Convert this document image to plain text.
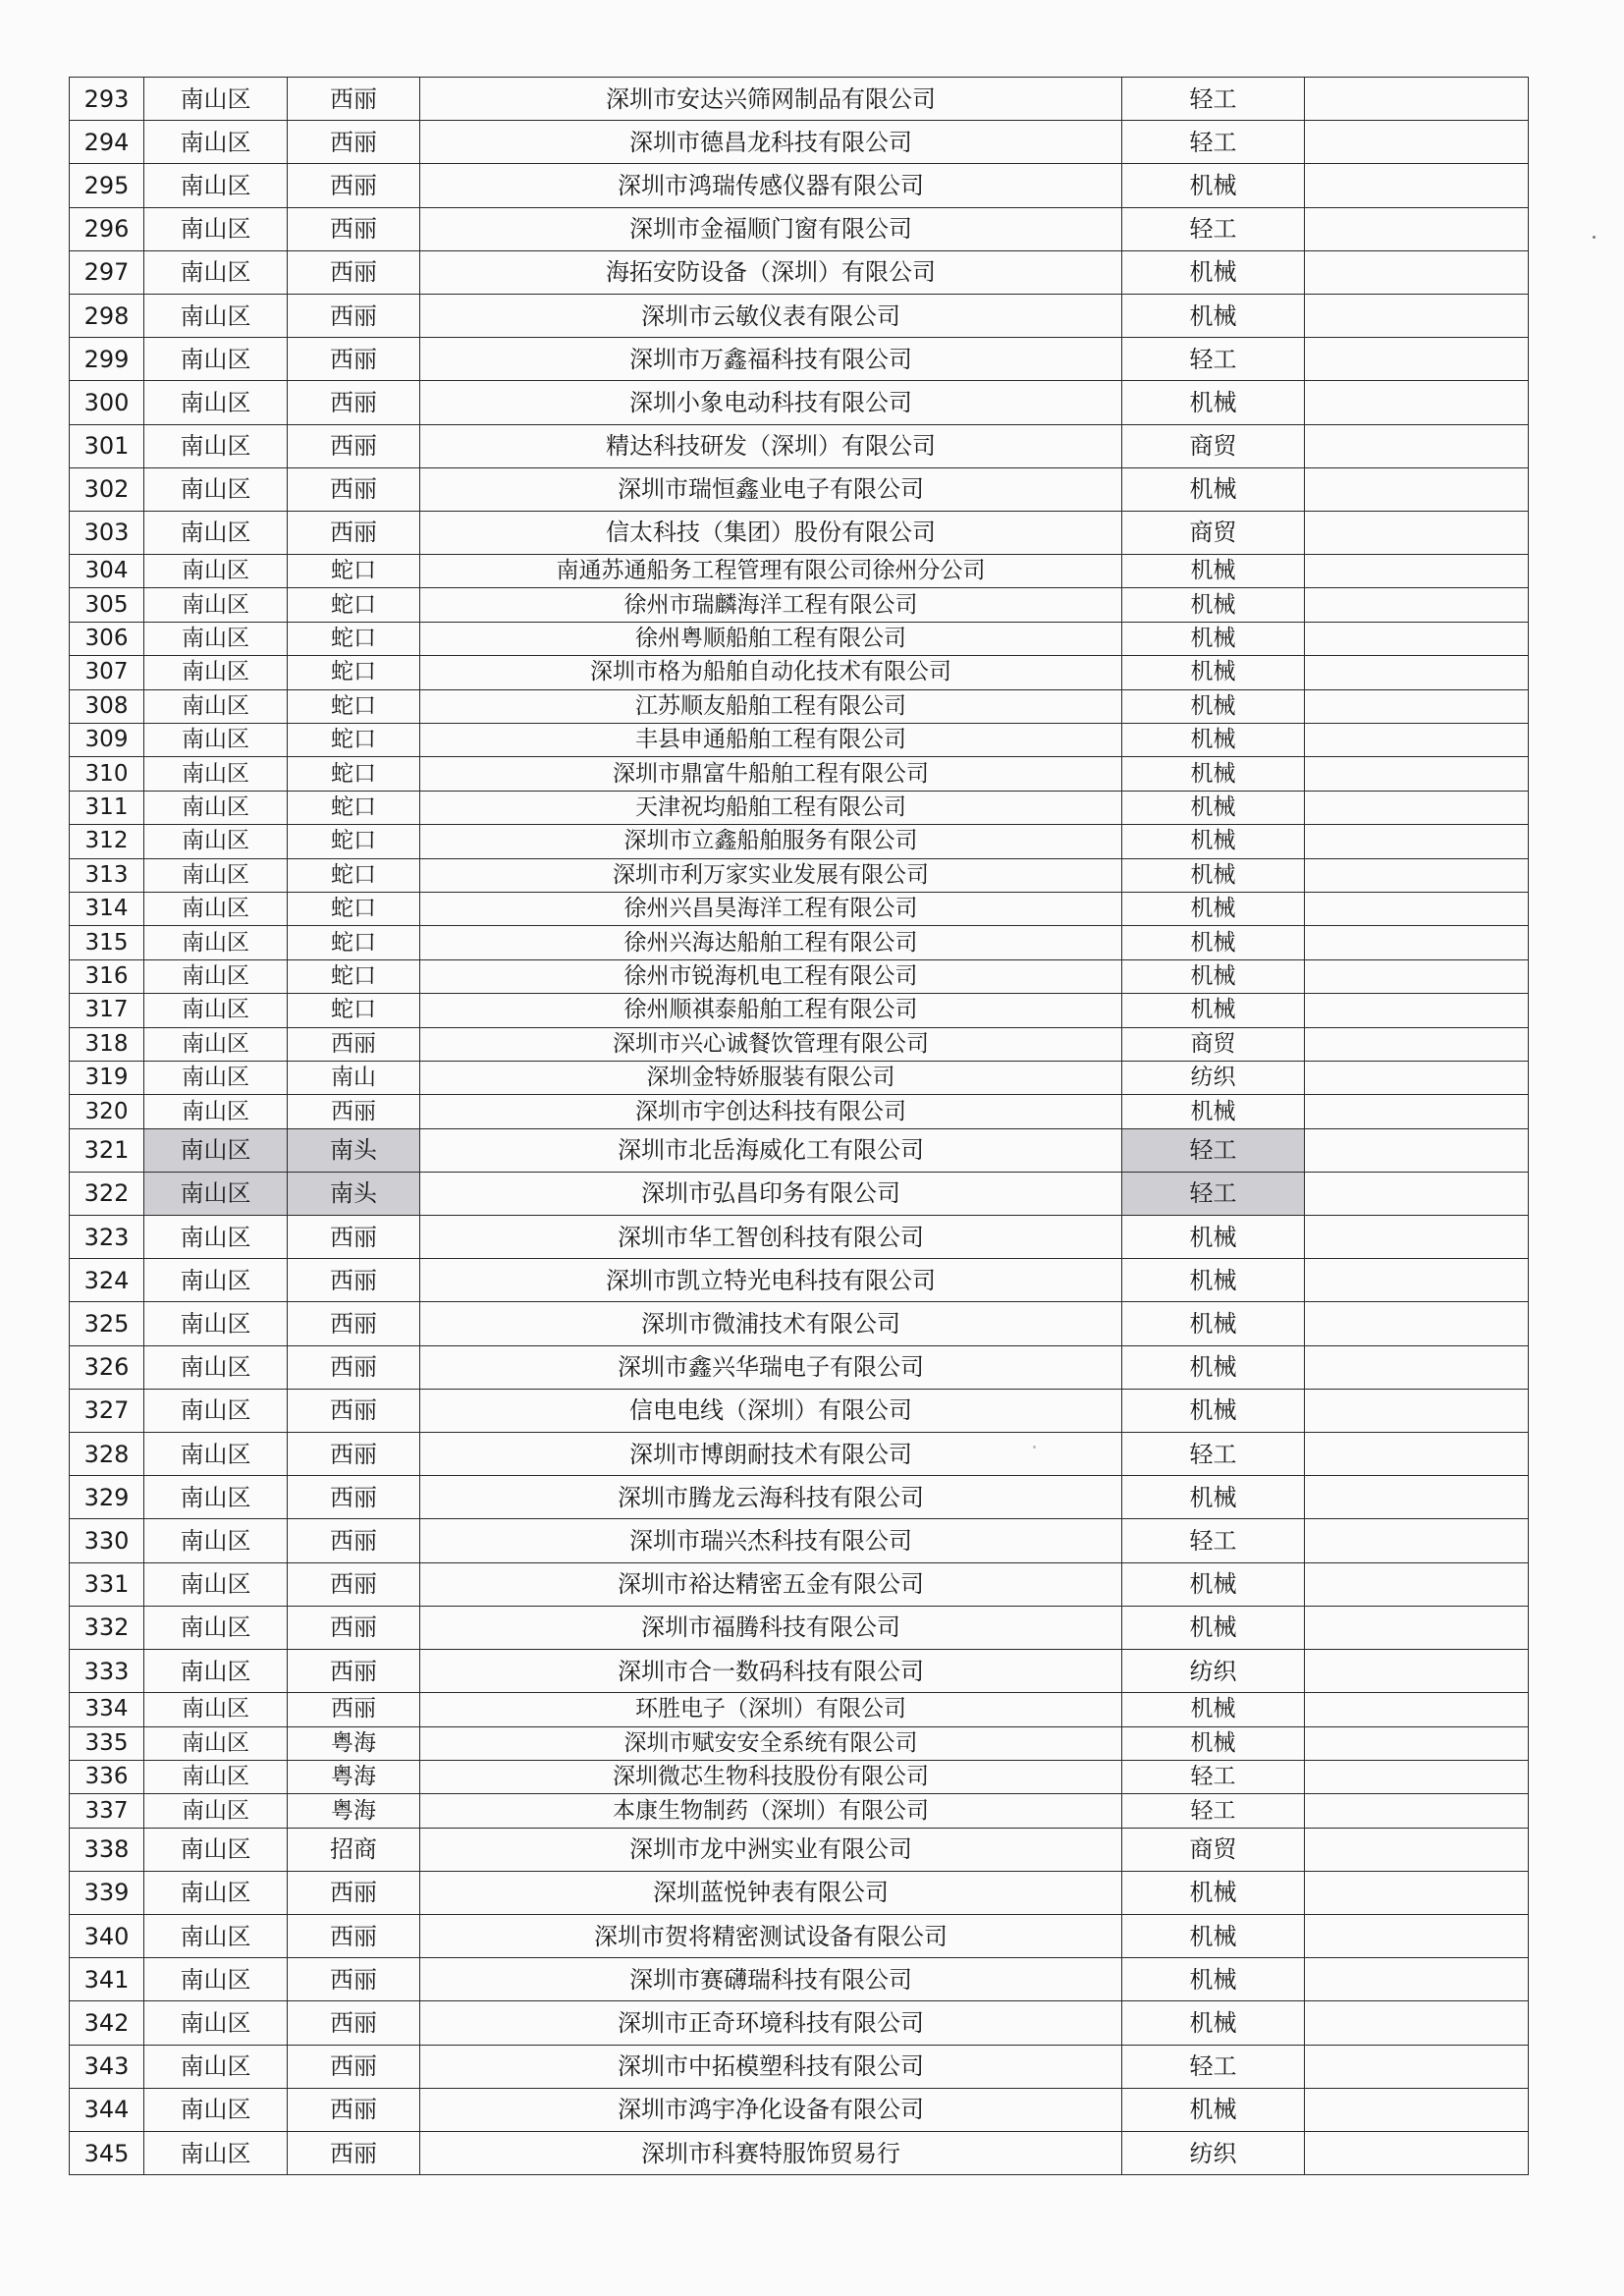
293	南山区	西丽	深圳市安达兴筛网制品有限公司	轻工	
294	南山区	西丽	深圳市德昌龙科技有限公司	轻工	
295	南山区	西丽	深圳市鸿瑞传感仪器有限公司	机械	
296	南山区	西丽	深圳市金福顺门窗有限公司	轻工	
297	南山区	西丽	海拓安防设备（深圳）有限公司	机械	
298	南山区	西丽	深圳市云敏仪表有限公司	机械	
299	南山区	西丽	深圳市万鑫福科技有限公司	轻工	
300	南山区	西丽	深圳小象电动科技有限公司	机械	
301	南山区	西丽	精达科技研发（深圳）有限公司	商贸	
302	南山区	西丽	深圳市瑞恒鑫业电子有限公司	机械	
303	南山区	西丽	信太科技（集团）股份有限公司	商贸	
304	南山区	蛇口	南通苏通船务工程管理有限公司徐州分公司	机械	
305	南山区	蛇口	徐州市瑞麟海洋工程有限公司	机械	
306	南山区	蛇口	徐州粤顺船舶工程有限公司	机械	
307	南山区	蛇口	深圳市格为船舶自动化技术有限公司	机械	
308	南山区	蛇口	江苏顺友船舶工程有限公司	机械	
309	南山区	蛇口	丰县申通船舶工程有限公司	机械	
310	南山区	蛇口	深圳市鼎富牛船舶工程有限公司	机械	
311	南山区	蛇口	天津祝均船舶工程有限公司	机械	
312	南山区	蛇口	深圳市立鑫船舶服务有限公司	机械	
313	南山区	蛇口	深圳市利万家实业发展有限公司	机械	
314	南山区	蛇口	徐州兴昌昊海洋工程有限公司	机械	
315	南山区	蛇口	徐州兴海达船舶工程有限公司	机械	
316	南山区	蛇口	徐州市锐海机电工程有限公司	机械	
317	南山区	蛇口	徐州顺祺泰船舶工程有限公司	机械	
318	南山区	西丽	深圳市兴心诚餐饮管理有限公司	商贸	
319	南山区	南山	深圳金特娇服装有限公司	纺织	
320	南山区	西丽	深圳市宇创达科技有限公司	机械	
321	南山区	南头	深圳市北岳海威化工有限公司	轻工	
322	南山区	南头	深圳市弘昌印务有限公司	轻工	
323	南山区	西丽	深圳市华工智创科技有限公司	机械	
324	南山区	西丽	深圳市凯立特光电科技有限公司	机械	
325	南山区	西丽	深圳市微浦技术有限公司	机械	
326	南山区	西丽	深圳市鑫兴华瑞电子有限公司	机械	
327	南山区	西丽	信电电线（深圳）有限公司	机械	
328	南山区	西丽	深圳市博朗耐技术有限公司	轻工	
329	南山区	西丽	深圳市腾龙云海科技有限公司	机械	
330	南山区	西丽	深圳市瑞兴杰科技有限公司	轻工	
331	南山区	西丽	深圳市裕达精密五金有限公司	机械	
332	南山区	西丽	深圳市福腾科技有限公司	机械	
333	南山区	西丽	深圳市合一数码科技有限公司	纺织	
334	南山区	西丽	环胜电子（深圳）有限公司	机械	
335	南山区	粤海	深圳市赋安安全系统有限公司	机械	
336	南山区	粤海	深圳微芯生物科技股份有限公司	轻工	
337	南山区	粤海	本康生物制药（深圳）有限公司	轻工	
338	南山区	招商	深圳市龙中洲实业有限公司	商贸	
339	南山区	西丽	深圳蓝悦钟表有限公司	机械	
340	南山区	西丽	深圳市贺将精密测试设备有限公司	机械	
341	南山区	西丽	深圳市赛礴瑞科技有限公司	机械	
342	南山区	西丽	深圳市正奇环境科技有限公司	机械	
343	南山区	西丽	深圳市中拓模塑科技有限公司	轻工	
344	南山区	西丽	深圳市鸿宇净化设备有限公司	机械	
345	南山区	西丽	深圳市科赛特服饰贸易行	纺织	
